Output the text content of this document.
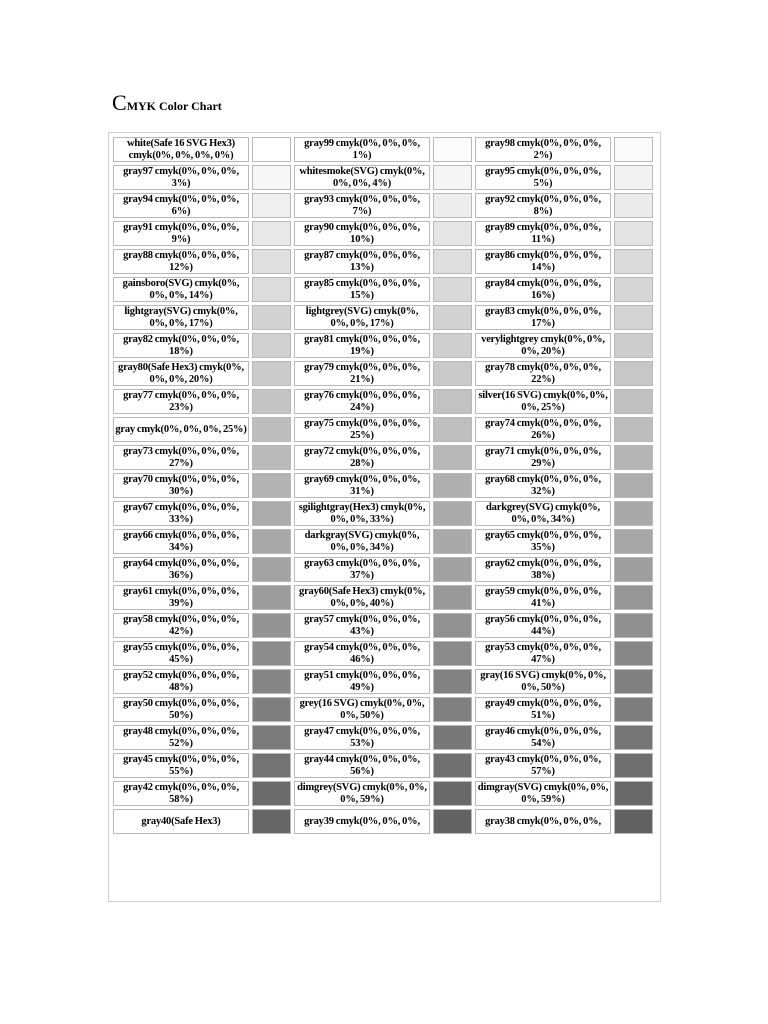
CMYK Color Chart
white(Safe 16 SVG Hex3) cmyk(0%, 0%, 0%, 0%)		gray99 cmyk(0%, 0%, 0%, 1%)		gray98 cmyk(0%, 0%, 0%, 2%)	
gray97 cmyk(0%, 0%, 0%, 3%)		whitesmoke(SVG) cmyk(0%, 0%, 0%, 4%)		gray95 cmyk(0%, 0%, 0%, 5%)	
gray94 cmyk(0%, 0%, 0%, 6%)		gray93 cmyk(0%, 0%, 0%, 7%)		gray92 cmyk(0%, 0%, 0%, 8%)	
gray91 cmyk(0%, 0%, 0%, 9%)		gray90 cmyk(0%, 0%, 0%, 10%)		gray89 cmyk(0%, 0%, 0%, 11%)	
gray88 cmyk(0%, 0%, 0%, 12%)		gray87 cmyk(0%, 0%, 0%, 13%)		gray86 cmyk(0%, 0%, 0%, 14%)	
gainsboro(SVG) cmyk(0%, 0%, 0%, 14%)		gray85 cmyk(0%, 0%, 0%, 15%)		gray84 cmyk(0%, 0%, 0%, 16%)	
lightgray(SVG) cmyk(0%, 0%, 0%, 17%)		lightgrey(SVG) cmyk(0%, 0%, 0%, 17%)		gray83 cmyk(0%, 0%, 0%, 17%)	
gray82 cmyk(0%, 0%, 0%, 18%)		gray81 cmyk(0%, 0%, 0%, 19%)		verylightgrey cmyk(0%, 0%, 0%, 20%)	
gray80(Safe Hex3) cmyk(0%, 0%, 0%, 20%)		gray79 cmyk(0%, 0%, 0%, 21%)		gray78 cmyk(0%, 0%, 0%, 22%)	
gray77 cmyk(0%, 0%, 0%, 23%)		gray76 cmyk(0%, 0%, 0%, 24%)		silver(16 SVG) cmyk(0%, 0%, 0%, 25%)	
gray cmyk(0%, 0%, 0%, 25%)		gray75 cmyk(0%, 0%, 0%, 25%)		gray74 cmyk(0%, 0%, 0%, 26%)	
gray73 cmyk(0%, 0%, 0%, 27%)		gray72 cmyk(0%, 0%, 0%, 28%)		gray71 cmyk(0%, 0%, 0%, 29%)	
gray70 cmyk(0%, 0%, 0%, 30%)		gray69 cmyk(0%, 0%, 0%, 31%)		gray68 cmyk(0%, 0%, 0%, 32%)	
gray67 cmyk(0%, 0%, 0%, 33%)		sgilightgray(Hex3) cmyk(0%, 0%, 0%, 33%)		darkgrey(SVG) cmyk(0%, 0%, 0%, 34%)	
gray66 cmyk(0%, 0%, 0%, 34%)		darkgray(SVG) cmyk(0%, 0%, 0%, 34%)		gray65 cmyk(0%, 0%, 0%, 35%)	
gray64 cmyk(0%, 0%, 0%, 36%)		gray63 cmyk(0%, 0%, 0%, 37%)		gray62 cmyk(0%, 0%, 0%, 38%)	
gray61 cmyk(0%, 0%, 0%, 39%)		gray60(Safe Hex3) cmyk(0%, 0%, 0%, 40%)		gray59 cmyk(0%, 0%, 0%, 41%)	
gray58 cmyk(0%, 0%, 0%, 42%)		gray57 cmyk(0%, 0%, 0%, 43%)		gray56 cmyk(0%, 0%, 0%, 44%)	
gray55 cmyk(0%, 0%, 0%, 45%)		gray54 cmyk(0%, 0%, 0%, 46%)		gray53 cmyk(0%, 0%, 0%, 47%)	
gray52 cmyk(0%, 0%, 0%, 48%)		gray51 cmyk(0%, 0%, 0%, 49%)		gray(16 SVG) cmyk(0%, 0%, 0%, 50%)	
gray50 cmyk(0%, 0%, 0%, 50%)		grey(16 SVG) cmyk(0%, 0%, 0%, 50%)		gray49 cmyk(0%, 0%, 0%, 51%)	
gray48 cmyk(0%, 0%, 0%, 52%)		gray47 cmyk(0%, 0%, 0%, 53%)		gray46 cmyk(0%, 0%, 0%, 54%)	
gray45 cmyk(0%, 0%, 0%, 55%)		gray44 cmyk(0%, 0%, 0%, 56%)		gray43 cmyk(0%, 0%, 0%, 57%)	
gray42 cmyk(0%, 0%, 0%, 58%)		dimgrey(SVG) cmyk(0%, 0%, 0%, 59%)		dimgray(SVG) cmyk(0%, 0%, 0%, 59%)	
gray40(Safe Hex3)		gray39 cmyk(0%, 0%, 0%,		gray38 cmyk(0%, 0%, 0%,	
